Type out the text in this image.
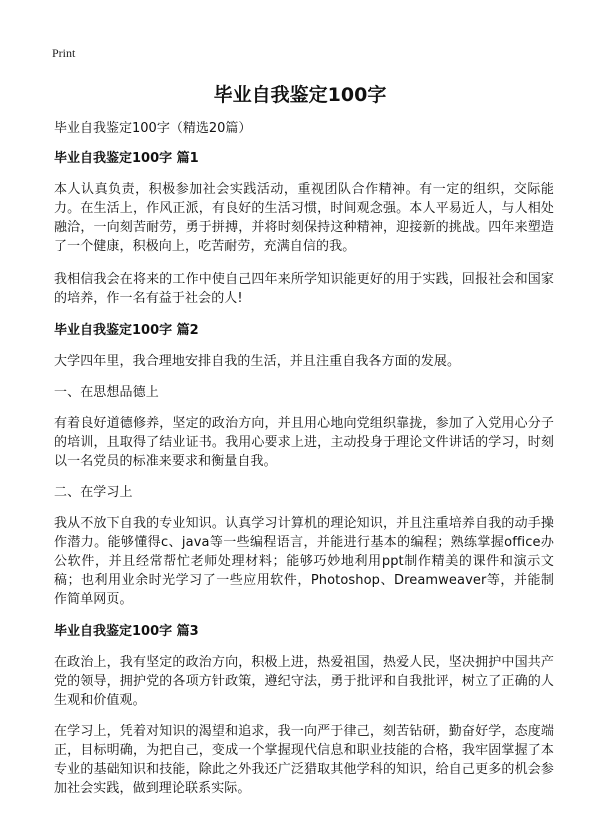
Print
毕业自我鉴定100字

毕业自我鉴定100字（精选20篇）

毕业自我鉴定100字 篇1

本人认真负责，积极参加社会实践活动，重视团队合作精神。有一定的组织，交际能力。在生活上，作风正派，有良好的生活习惯，时间观念强。本人平易近人，与人相处融洽，一向刻苦耐劳，勇于拼搏，并将时刻保持这种精神，迎接新的挑战。四年来塑造了一个健康，积极向上，吃苦耐劳，充满自信的我。

我相信我会在将来的工作中使自己四年来所学知识能更好的用于实践，回报社会和国家的培养，作一名有益于社会的人!

毕业自我鉴定100字 篇2

大学四年里，我合理地安排自我的生活，并且注重自我各方面的发展。

一、在思想品德上

有着良好道德修养，坚定的政治方向，并且用心地向党组织靠拢，参加了入党用心分子的培训，且取得了结业证书。我用心要求上进，主动投身于理论文件讲话的学习，时刻以一名党员的标准来要求和衡量自我。

二、在学习上

我从不放下自我的专业知识。认真学习计算机的理论知识，并且注重培养自我的动手操作潜力。能够懂得c、java等一些编程语言，并能进行基本的编程；熟练掌握office办公软件，并且经常帮忙老师处理材料；能够巧妙地利用ppt制作精美的课件和演示文稿；也利用业余时光学习了一些应用软件，Photoshop、Dreamweaver等，并能制作简单网页。

毕业自我鉴定100字 篇3

在政治上，我有坚定的政治方向，积极上进，热爱祖国，热爱人民，坚决拥护中国共产党的领导，拥护党的各项方针政策，遵纪守法，勇于批评和自我批评，树立了正确的人生观和价值观。

在学习上，凭着对知识的渴望和追求，我一向严于律己，刻苦钻研，勤奋好学，态度端正，目标明确，为把自己，变成一个掌握现代信息和职业技能的合格，我牢固掌握了本专业的基础知识和技能，除此之外我还广泛猎取其他学科的知识，给自己更多的机会参加社会实践，做到理论联系实际。
